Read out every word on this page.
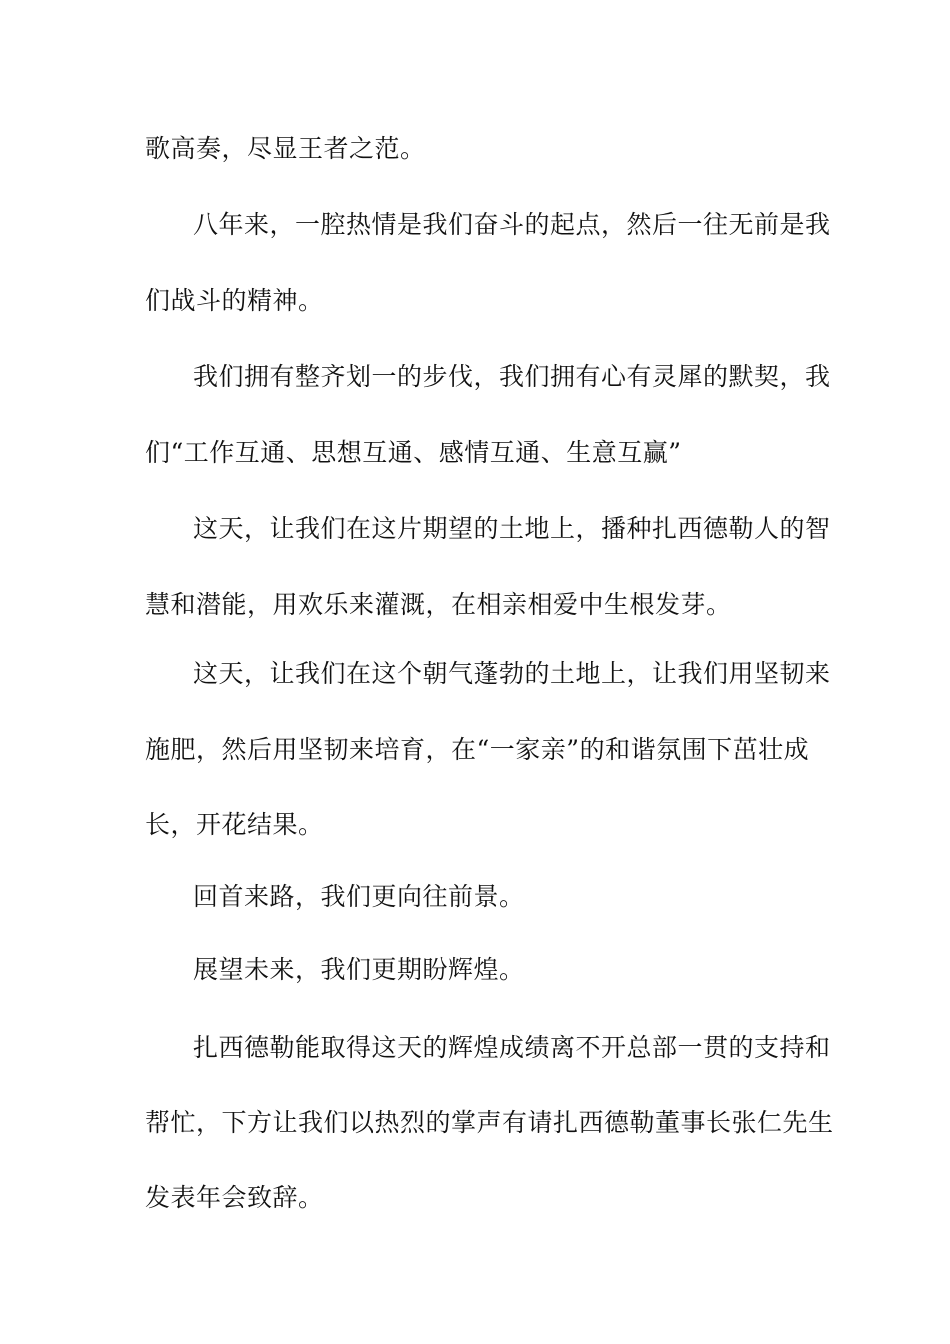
歌高奏，尽显王者之范。

八年来，一腔热情是我们奋斗的起点，然后一往无前是我

们战斗的精神。

我们拥有整齐划一的步伐，我们拥有心有灵犀的默契，我

们“工作互通、思想互通、感情互通、生意互赢”

这天，让我们在这片期望的土地上，播种扎西德勒人的智

慧和潜能，用欢乐来灌溉，在相亲相爱中生根发芽。

这天，让我们在这个朝气蓬勃的土地上，让我们用坚韧来

施肥，然后用坚韧来培育，在“一家亲”的和谐氛围下茁壮成

长，开花结果。

回首来路，我们更向往前景。

展望未来，我们更期盼辉煌。

扎西德勒能取得这天的辉煌成绩离不开总部一贯的支持和

帮忙，下方让我们以热烈的掌声有请扎西德勒董事长张仁先生

发表年会致辞。
